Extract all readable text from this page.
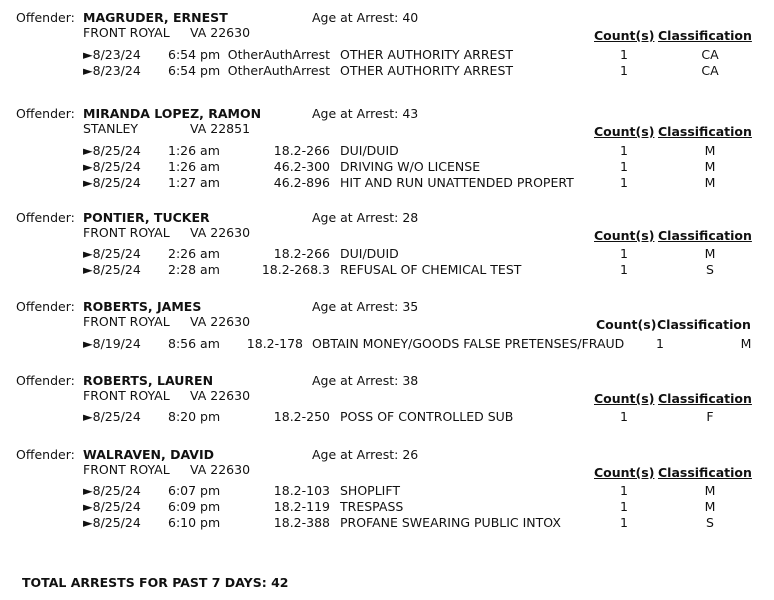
Offender: MAGRUDER, ERNEST	Age at Arrest: 40
FRONT ROYAL VA 22630	Count(s) Classification
►8/23/24 6:54 pm OtherAuthArrest OTHER AUTHORITY ARREST	1	CA
►8/23/24 6:54 pm OtherAuthArrest OTHER AUTHORITY ARREST	1	CA
Offender: MIRANDA LOPEZ, RAMON	Age at Arrest: 43
STANLEY	VA 22851	Count(s) Classification
►8/25/24 1:26 am	18.2-266 DUI/DUID	1	M
►8/25/24 1:26 am	46.2-300 DRIVING W/O LICENSE	1	M
►8/25/24 1:27 am	46.2-896 HIT AND RUN UNATTENDED PROPERT	1	M
Offender: PONTIER, TUCKER	Age at Arrest: 28
FRONT ROYAL VA 22630	Count(s) Classification
►8/25/24 2:26 am	18.2-266 DUI/DUID	1	M
►8/25/24 2:28 am	18.2-268.3 REFUSAL OF CHEMICAL TEST	1	S
Offender: ROBERTS, JAMES	Age at Arrest: 35
FRONT ROYAL VA 22630	Count(s) Classification
►8/19/24 8:56 am 18.2-178 OBTAIN MONEY/GOODS FALSE PRETENSES/FRAUD	1	M
Offender: ROBERTS, LAUREN	Age at Arrest: 38
FRONT ROYAL VA 22630	Count(s) Classification
►8/25/24 8:20 pm	18.2-250 POSS OF CONTROLLED SUB	1	F
Offender: WALRAVEN, DAVID	Age at Arrest: 26
FRONT ROYAL VA 22630	Count(s) Classification
►8/25/24 6:07 pm	18.2-103 SHOPLIFT	1	M
►8/25/24 6:09 pm	18.2-119 TRESPASS	1	M
►8/25/24 6:10 pm	18.2-388 PROFANE SWEARING PUBLIC INTOX	1	S
TOTAL ARRESTS FOR PAST 7 DAYS: 42
